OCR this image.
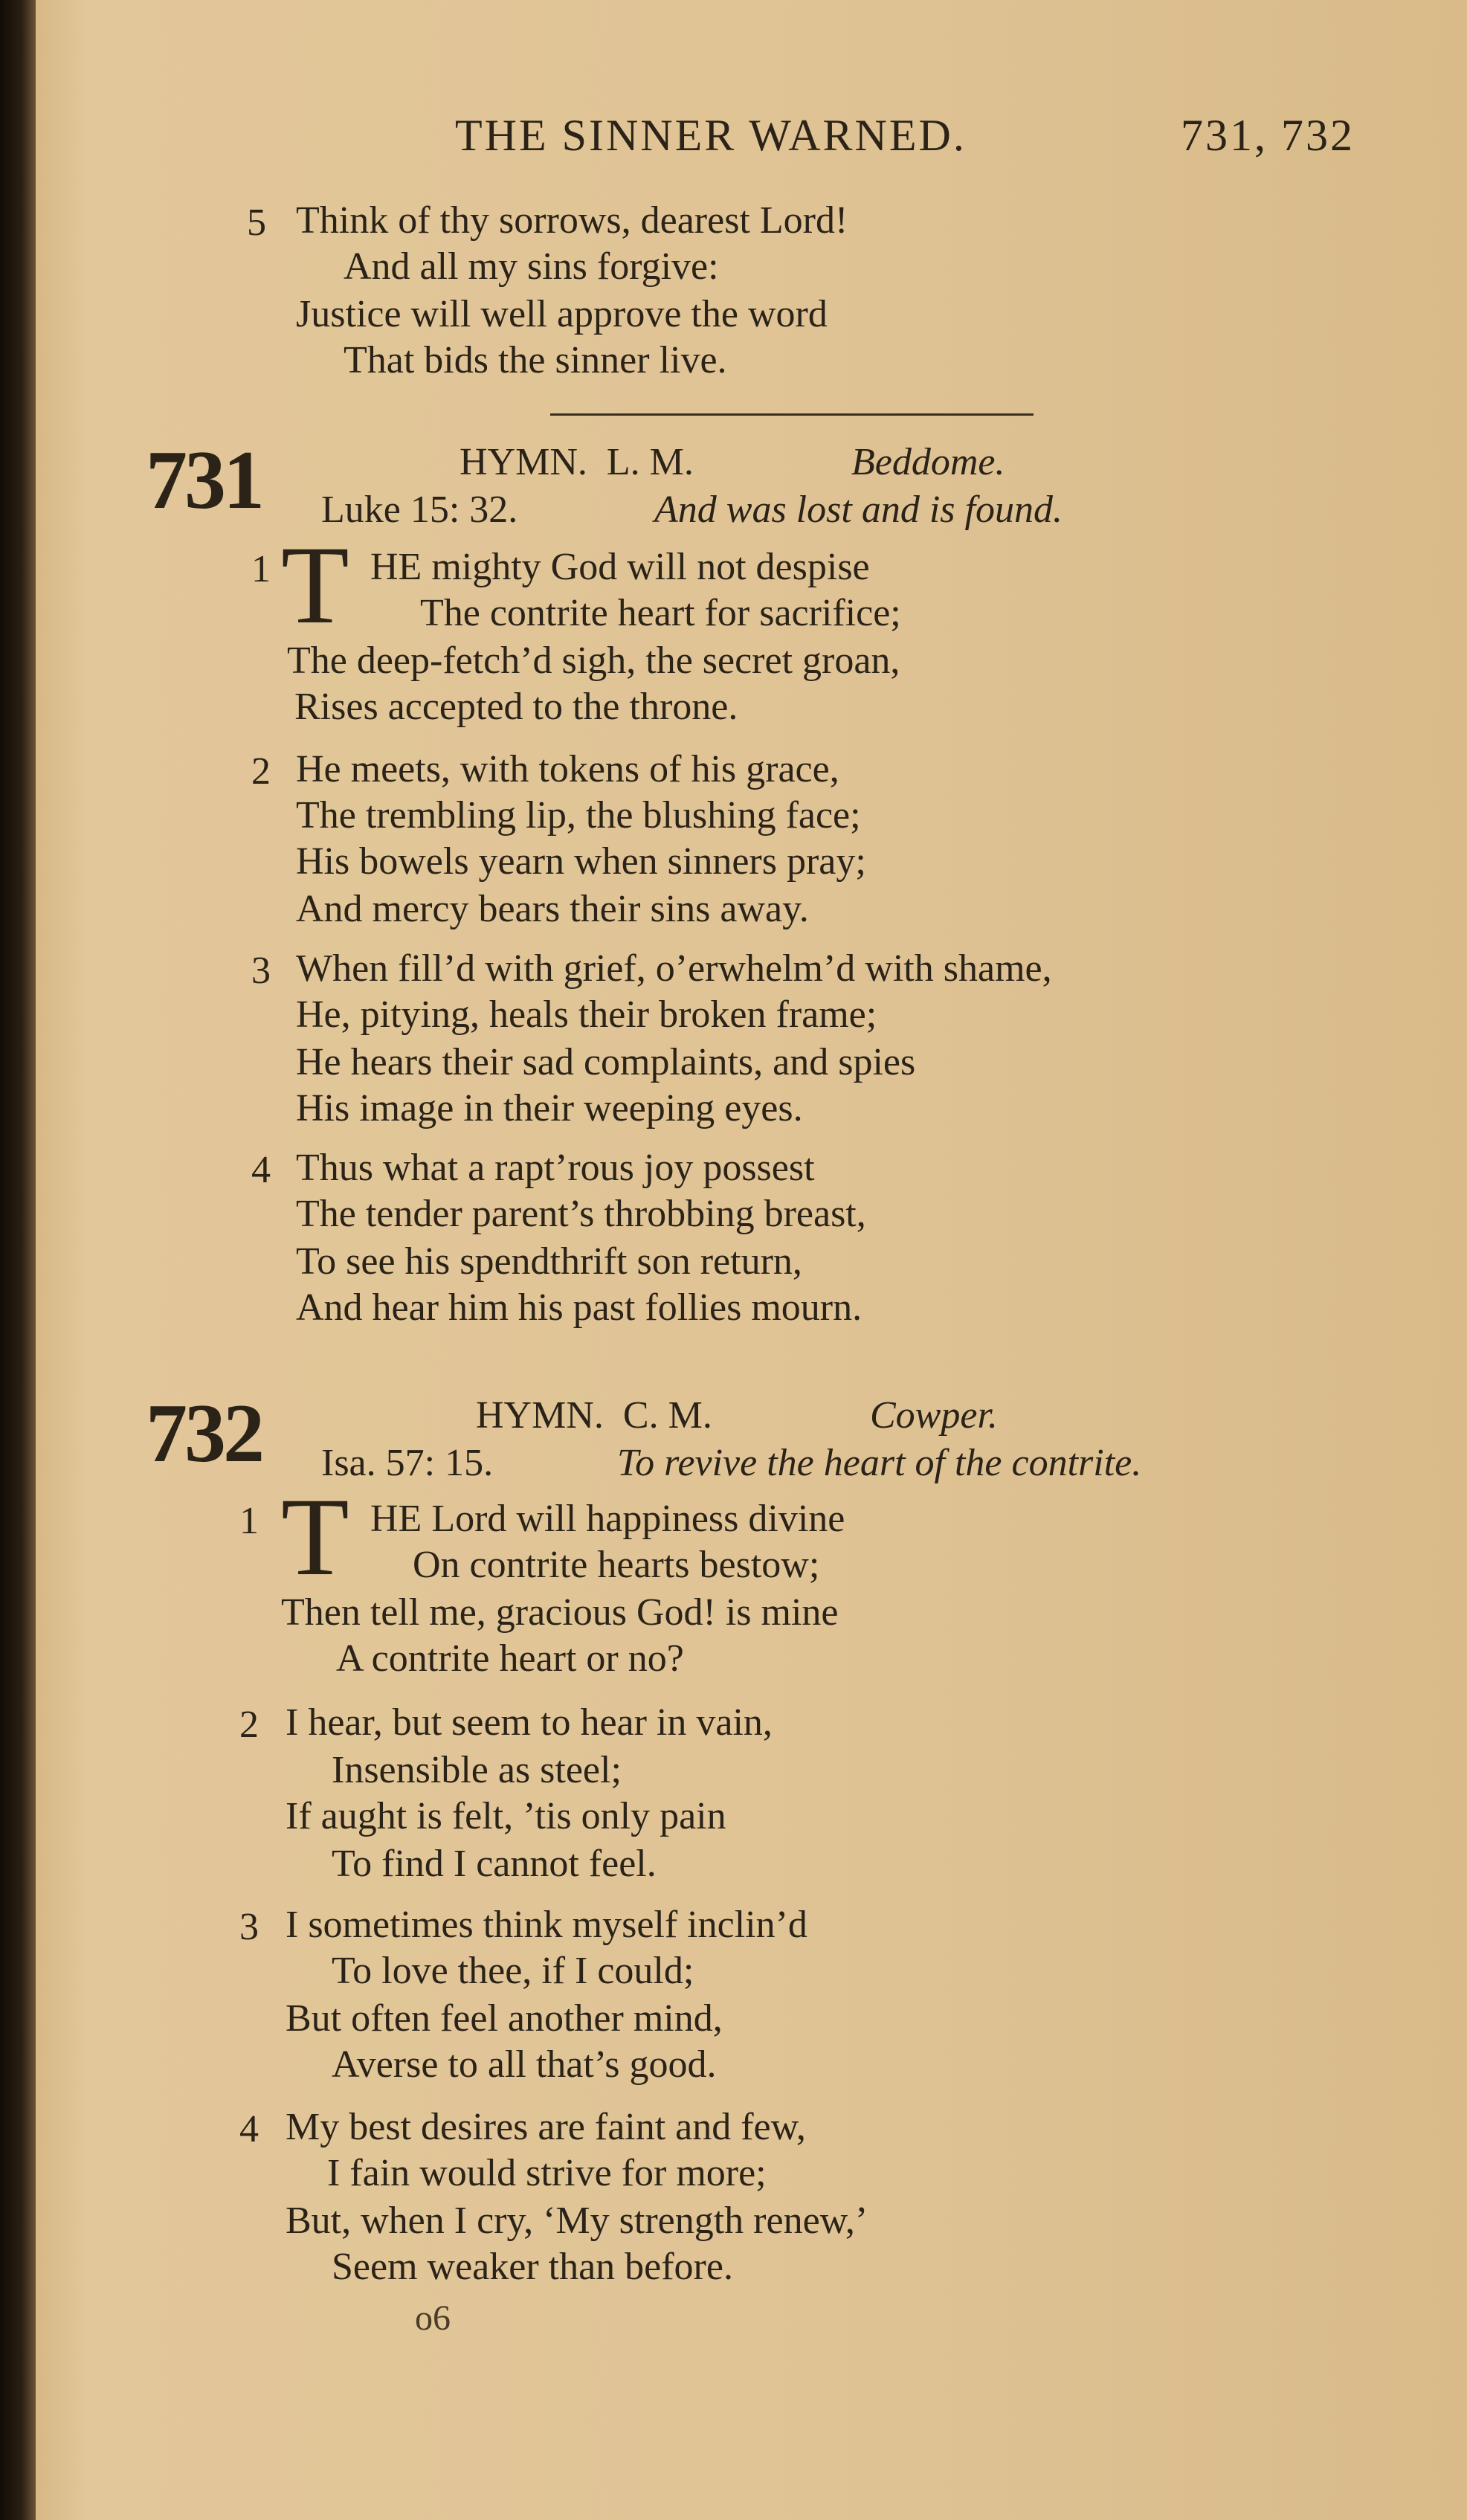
THE SINNER WARNED.	731, 732
5 Think of thy sorrows, dearest Lord!
And all my sins forgive:
Justice will well approve the word
That bids the sinner live.
731	HYMN.  L. M.	Beddome.
Luke 15: 32.	And was lost and is found.
1 T HE mighty God will not despise
The contrite heart for sacrifice;
The deep-fetch’d sigh, the secret groan,
Rises accepted to the throne.
2 He meets, with tokens of his grace,
The trembling lip, the blushing face;
His bowels yearn when sinners pray;
And mercy bears their sins away.
3 When fill’d with grief, o’erwhelm’d with shame,
He, pitying, heals their broken frame;
He hears their sad complaints, and spies
His image in their weeping eyes.
4 Thus what a rapt’rous joy possest
The tender parent’s throbbing breast,
To see his spendthrift son return,
And hear him his past follies mourn.
732	HYMN.  C. M.	Cowper.
Isa. 57: 15.	To revive the heart of the contrite.
1 T HE Lord will happiness divine
On contrite hearts bestow;
Then tell me, gracious God! is mine
A contrite heart or no?
2 I hear, but seem to hear in vain,
Insensible as steel;
If aught is felt, ’tis only pain
To find I cannot feel.
3 I sometimes think myself inclin’d
To love thee, if I could;
But often feel another mind,
Averse to all that’s good.
4 My best desires are faint and few,
I fain would strive for more;
But, when I cry, ‘My strength renew,’
Seem weaker than before.
o6
